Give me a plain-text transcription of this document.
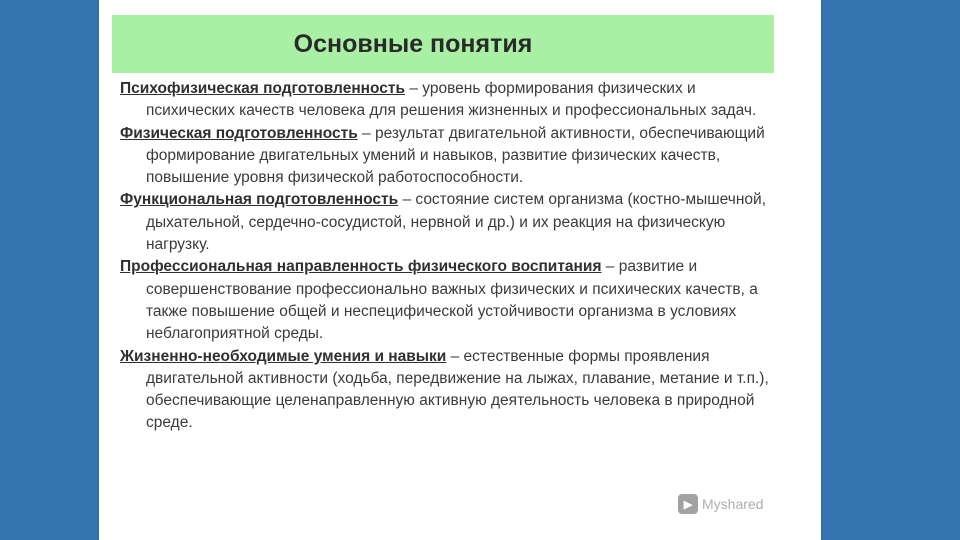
Основные понятия

Психофизическая подготовленность – уровень формирования физических и психических качеств человека для решения жизненных и профессиональных задач.

Физическая подготовленность – результат двигательной активности, обеспечивающий формирование двигательных умений и навыков, развитие физических качеств, повышение уровня физической работоспособности.

Функциональная подготовленность – состояние систем организма (костно-мышечной, дыхательной, сердечно-сосудистой, нервной и др.) и их реакция на физическую нагрузку.

Профессиональная направленность физического воспитания – развитие и совершенствование профессионально важных физических и психических качеств, а также повышение общей и неспецифической устойчивости организма в условиях неблагоприятной среды.

Жизненно-необходимые умения и навыки – естественные формы проявления двигательной активности (ходьба, передвижение на лыжах, плавание, метание и т.п.), обеспечивающие целенаправленную активную деятельность человека в природной среде.

▶ Myshared
